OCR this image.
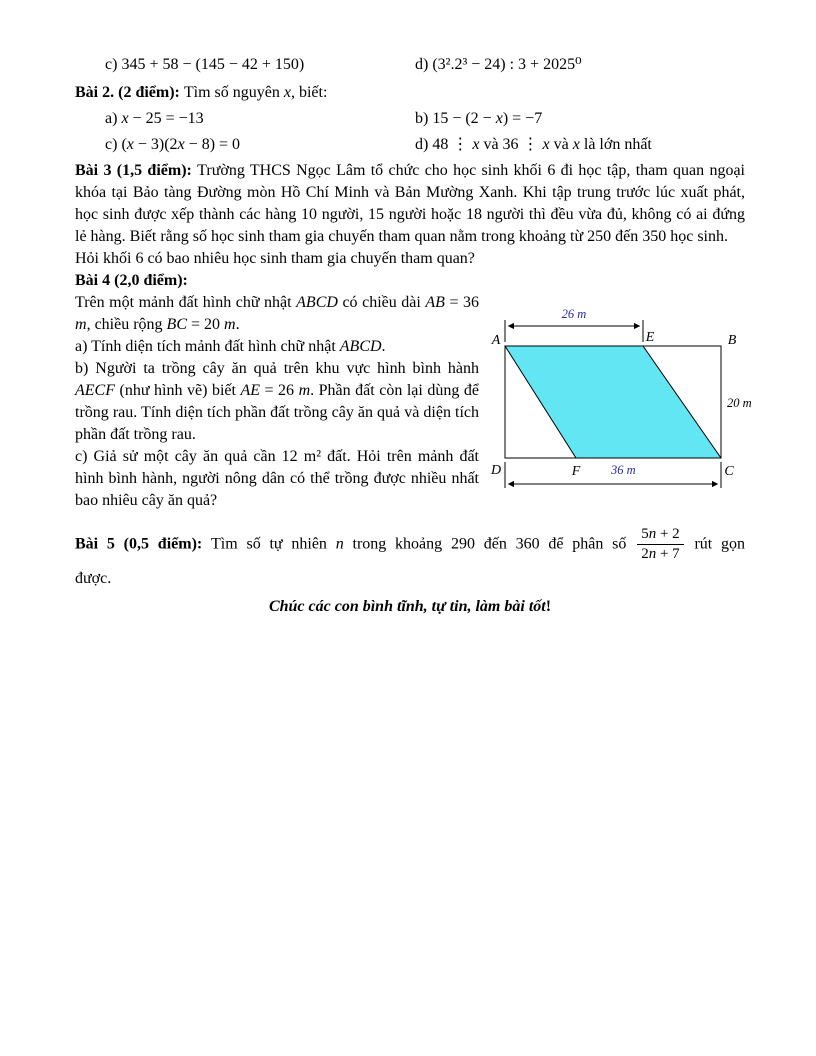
c) 345 + 58 − (145 − 42 + 150)	d) (3².2³ − 24) : 3 + 2025⁰

Bài 2. (2 điểm): Tìm số nguyên x, biết:

a) x − 25 = −13	b) 15 − (2 − x) = −7
c) (x − 3)(2x − 8) = 0	d) 48 ⋮ x và 36 ⋮ x và x là lớn nhất

Bài 3 (1,5 điểm): Trường THCS Ngọc Lâm tổ chức cho học sinh khối 6 đi học tập, tham quan ngoại khóa tại Bảo tàng Đường mòn Hồ Chí Minh và Bản Mường Xanh. Khi tập trung trước lúc xuất phát, học sinh được xếp thành các hàng 10 người, 15 người hoặc 18 người thì đều vừa đủ, không có ai đứng lẻ hàng. Biết rằng số học sinh tham gia chuyến tham quan nằm trong khoảng từ 250 đến 350 học sinh.

Hỏi khối 6 có bao nhiêu học sinh tham gia chuyến tham quan?

Bài 4 (2,0 điểm):

26 m
36 m
20 m
A	E	B
D	F	C

Trên một mảnh đất hình chữ nhật ABCD có chiều dài AB = 36 m, chiều rộng BC = 20 m.

a) Tính diện tích mảnh đất hình chữ nhật ABCD.

b) Người ta trồng cây ăn quả trên khu vực hình bình hành AECF (như hình vẽ) biết AE = 26 m. Phần đất còn lại dùng để trồng rau. Tính diện tích phần đất trồng cây ăn quả và diện tích phần đất trồng rau.

c) Giả sử một cây ăn quả cần 12 m² đất. Hỏi trên mảnh đất hình bình hành, người nông dân có thể trồng được nhiều nhất bao nhiêu cây ăn quả?

Bài 5 (0,5 điểm): Tìm số tự nhiên n trong khoảng 290 đến 360 để phân số $\frac{5n + 2}{2n + 7}$ rút gọn

được.

Chúc các con bình tĩnh, tự tin, làm bài tốt!
